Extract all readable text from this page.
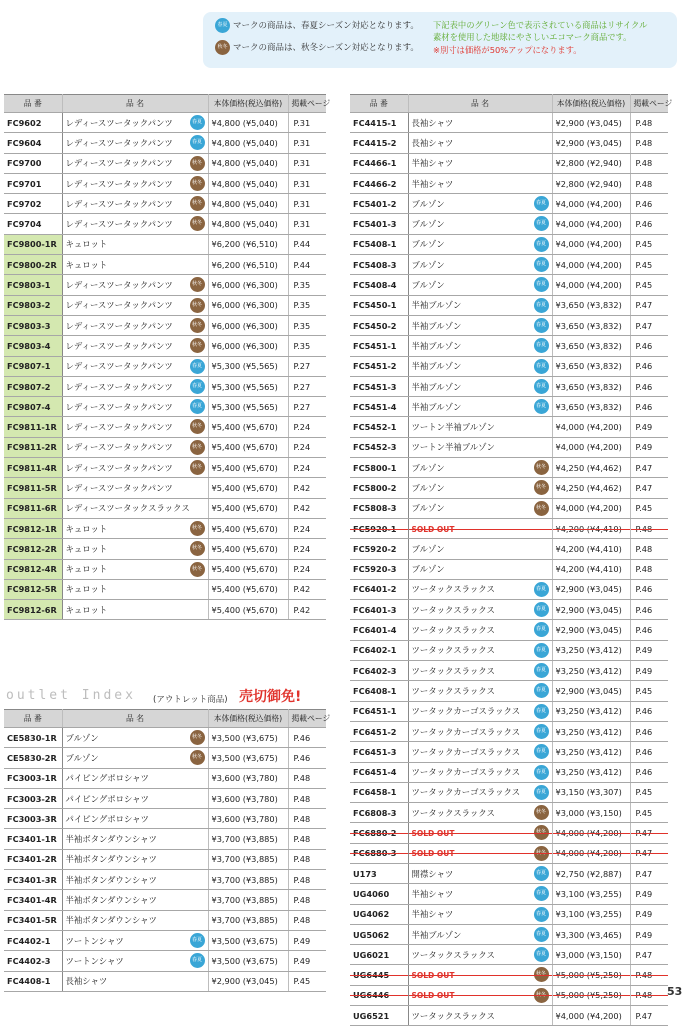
春夏 マークの商品は、春夏シーズン対応となります。
秋冬 マークの商品は、秋冬シーズン対応となります。
下記表中のグリーン色で表示されている商品はリサイクル
素材を使用した地球にやさしいエコマーク商品です。
※別寸は価格が50%アップになります。
品 番	品 名	本体価格(税込価格)	掲載ページ
FC9602	レディースツータックパンツ 春夏	¥4,800 (¥5,040)	P.31
FC9604	レディースツータックパンツ 春夏	¥4,800 (¥5,040)	P.31
FC9700	レディースツータックパンツ 秋冬	¥4,800 (¥5,040)	P.31
FC9701	レディースツータックパンツ 秋冬	¥4,800 (¥5,040)	P.31
FC9702	レディースツータックパンツ 秋冬	¥4,800 (¥5,040)	P.31
FC9704	レディースツータックパンツ 秋冬	¥4,800 (¥5,040)	P.31
FC9800-1R	キュロット	¥6,200 (¥6,510)	P.44
FC9800-2R	キュロット	¥6,200 (¥6,510)	P.44
FC9803-1	レディースツータックパンツ 秋冬	¥6,000 (¥6,300)	P.35
FC9803-2	レディースツータックパンツ 秋冬	¥6,000 (¥6,300)	P.35
FC9803-3	レディースツータックパンツ 秋冬	¥6,000 (¥6,300)	P.35
FC9803-4	レディースツータックパンツ 秋冬	¥6,000 (¥6,300)	P.35
FC9807-1	レディースツータックパンツ 春夏	¥5,300 (¥5,565)	P.27
FC9807-2	レディースツータックパンツ 春夏	¥5,300 (¥5,565)	P.27
FC9807-4	レディースツータックパンツ 春夏	¥5,300 (¥5,565)	P.27
FC9811-1R	レディースツータックパンツ 秋冬	¥5,400 (¥5,670)	P.24
FC9811-2R	レディースツータックパンツ 秋冬	¥5,400 (¥5,670)	P.24
FC9811-4R	レディースツータックパンツ 秋冬	¥5,400 (¥5,670)	P.24
FC9811-5R	レディースツータックパンツ	¥5,400 (¥5,670)	P.42
FC9811-6R	レディースツータックスラックス	¥5,400 (¥5,670)	P.42
FC9812-1R	キュロット 秋冬	¥5,400 (¥5,670)	P.24
FC9812-2R	キュロット 秋冬	¥5,400 (¥5,670)	P.24
FC9812-4R	キュロット 秋冬	¥5,400 (¥5,670)	P.24
FC9812-5R	キュロット	¥5,400 (¥5,670)	P.42
FC9812-6R	キュロット	¥5,400 (¥5,670)	P.42
outlet Index (アウトレット商品) 売切御免!
品 番	品 名	本体価格(税込価格)	掲載ページ
CE5830-1R	ブルゾン 秋冬	¥3,500 (¥3,675)	P.46
CE5830-2R	ブルゾン 秋冬	¥3,500 (¥3,675)	P.46
FC3003-1R	パイピングポロシャツ	¥3,600 (¥3,780)	P.48
FC3003-2R	パイピングポロシャツ	¥3,600 (¥3,780)	P.48
FC3003-3R	パイピングポロシャツ	¥3,600 (¥3,780)	P.48
FC3401-1R	半袖ボタンダウンシャツ	¥3,700 (¥3,885)	P.48
FC3401-2R	半袖ボタンダウンシャツ	¥3,700 (¥3,885)	P.48
FC3401-3R	半袖ボタンダウンシャツ	¥3,700 (¥3,885)	P.48
FC3401-4R	半袖ボタンダウンシャツ	¥3,700 (¥3,885)	P.48
FC3401-5R	半袖ボタンダウンシャツ	¥3,700 (¥3,885)	P.48
FC4402-1	ツートンシャツ 春夏	¥3,500 (¥3,675)	P.49
FC4402-3	ツートンシャツ 春夏	¥3,500 (¥3,675)	P.49
FC4408-1	長袖シャツ	¥2,900 (¥3,045)	P.45
品 番	品 名	本体価格(税込価格)	掲載ページ
FC4415-1	長袖シャツ	¥2,900 (¥3,045)	P.48
FC4415-2	長袖シャツ	¥2,900 (¥3,045)	P.48
FC4466-1	半袖シャツ	¥2,800 (¥2,940)	P.48
FC4466-2	半袖シャツ	¥2,800 (¥2,940)	P.48
FC5401-2	ブルゾン 春夏	¥4,000 (¥4,200)	P.46
FC5401-3	ブルゾン 春夏	¥4,000 (¥4,200)	P.46
FC5408-1	ブルゾン 春夏	¥4,000 (¥4,200)	P.45
FC5408-3	ブルゾン 春夏	¥4,000 (¥4,200)	P.45
FC5408-4	ブルゾン 春夏	¥4,000 (¥4,200)	P.45
FC5450-1	半袖ブルゾン 春夏	¥3,650 (¥3,832)	P.47
FC5450-2	半袖ブルゾン 春夏	¥3,650 (¥3,832)	P.47
FC5451-1	半袖ブルゾン 春夏	¥3,650 (¥3,832)	P.46
FC5451-2	半袖ブルゾン 春夏	¥3,650 (¥3,832)	P.46
FC5451-3	半袖ブルゾン 春夏	¥3,650 (¥3,832)	P.46
FC5451-4	半袖ブルゾン 春夏	¥3,650 (¥3,832)	P.46
FC5452-1	ツートン半袖ブルゾン	¥4,000 (¥4,200)	P.49
FC5452-3	ツートン半袖ブルゾン	¥4,000 (¥4,200)	P.49
FC5800-1	ブルゾン 秋冬	¥4,250 (¥4,462)	P.47
FC5800-2	ブルゾン 秋冬	¥4,250 (¥4,462)	P.47
FC5808-3	ブルゾン 秋冬	¥4,000 (¥4,200)	P.45
FC5920-1	SOLD OUT	¥4,200 (¥4,410)	P.48
FC5920-2	ブルゾン	¥4,200 (¥4,410)	P.48
FC5920-3	ブルゾン	¥4,200 (¥4,410)	P.48
FC6401-2	ツータックスラックス 春夏	¥2,900 (¥3,045)	P.46
FC6401-3	ツータックスラックス 春夏	¥2,900 (¥3,045)	P.46
FC6401-4	ツータックスラックス 春夏	¥2,900 (¥3,045)	P.46
FC6402-1	ツータックスラックス 春夏	¥3,250 (¥3,412)	P.49
FC6402-3	ツータックスラックス 春夏	¥3,250 (¥3,412)	P.49
FC6408-1	ツータックスラックス 春夏	¥2,900 (¥3,045)	P.45
FC6451-1	ツータックカーゴスラックス 春夏	¥3,250 (¥3,412)	P.46
FC6451-2	ツータックカーゴスラックス 春夏	¥3,250 (¥3,412)	P.46
FC6451-3	ツータックカーゴスラックス 春夏	¥3,250 (¥3,412)	P.46
FC6451-4	ツータックカーゴスラックス 春夏	¥3,250 (¥3,412)	P.46
FC6458-1	ツータックカーゴスラックス 春夏	¥3,150 (¥3,307)	P.45
FC6808-3	ツータックスラックス 秋冬	¥3,000 (¥3,150)	P.45
FC6880-2	SOLD OUT 秋冬	¥4,000 (¥4,200)	P.47
FC6880-3	SOLD OUT 秋冬	¥4,000 (¥4,200)	P.47
U173	開襟シャツ 春夏	¥2,750 (¥2,887)	P.47
UG4060	半袖シャツ 春夏	¥3,100 (¥3,255)	P.49
UG4062	半袖シャツ 春夏	¥3,100 (¥3,255)	P.49
UG5062	半袖ブルゾン 春夏	¥3,300 (¥3,465)	P.49
UG6021	ツータックスラックス 春夏	¥3,000 (¥3,150)	P.47
UG6445	SOLD OUT 秋冬	¥5,000 (¥5,250)	P.48
UG6446	SOLD OUT 秋冬	¥5,000 (¥5,250)	P.48
UG6521	ツータックスラックス	¥4,000 (¥4,200)	P.47
53
